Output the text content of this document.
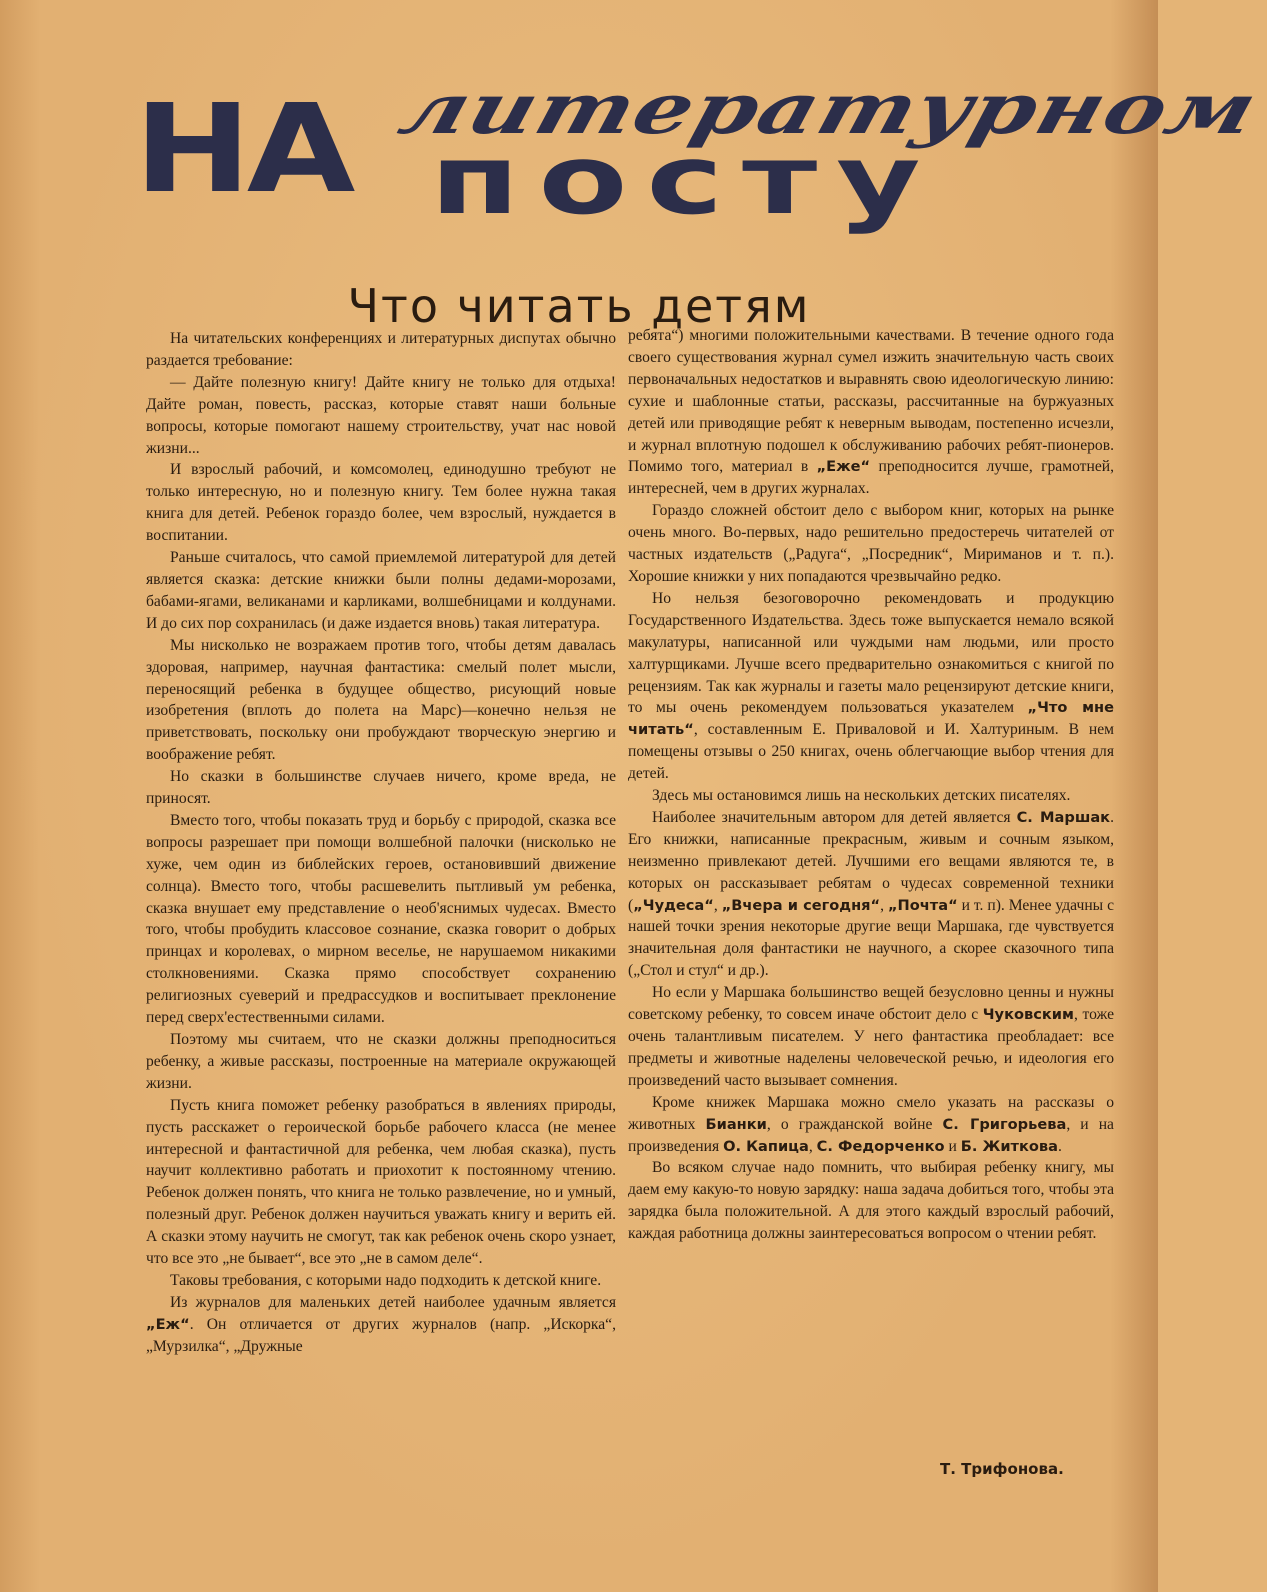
НА литературном
посту
Что читать детям

На читательских конференциях и литературных диспутах обычно раздается требование:

— Дайте полезную книгу! Дайте книгу не только для отдыха! Дайте роман, повесть, рассказ, которые ставят наши больные вопросы, которые помогают нашему строительству, учат нас новой жизни...

И взрослый рабочий, и комсомолец, единодушно требуют не только интересную, но и полезную книгу. Тем более нужна такая книга для детей. Ребенок гораздо более, чем взрослый, нуждается в воспитании.

Раньше считалось, что самой приемлемой литературой для детей является сказка: детские книжки были полны дедами-морозами, бабами-ягами, великанами и карликами, волшебницами и колдунами. И до сих пор сохранилась (и даже издается вновь) такая литература.

Мы нисколько не возражаем против того, чтобы детям давалась здоровая, например, научная фантастика: смелый полет мысли, переносящий ребенка в будущее общество, рисующий новые изобретения (вплоть до полета на Марс)—конечно нельзя не приветствовать, поскольку они пробуждают творческую энергию и воображение ребят.

Но сказки в большинстве случаев ничего, кроме вреда, не приносят.

Вместо того, чтобы показать труд и борьбу с природой, сказка все вопросы разрешает при помощи волшебной палочки (нисколько не хуже, чем один из библейских героев, остановивший движение солнца). Вместо того, чтобы расшевелить пытливый ум ребенка, сказка внушает ему представление о необ'яснимых чудесах. Вместо того, чтобы пробудить классовое сознание, сказка говорит о добрых принцах и королевах, о мирном веселье, не нарушаемом никакими столкновениями. Сказка прямо способствует сохранению религиозных суеверий и предрассудков и воспитывает преклонение перед сверх'естественными силами.

Поэтому мы считаем, что не сказки должны преподноситься ребенку, а живые рассказы, построенные на материале окружающей жизни.

Пусть книга поможет ребенку разобраться в явлениях природы, пусть расскажет о героической борьбе рабочего класса (не менее интересной и фантастичной для ребенка, чем любая сказка), пусть научит коллективно работать и приохотит к постоянному чтению. Ребенок должен понять, что книга не только развлечение, но и умный, полезный друг. Ребенок должен научиться уважать книгу и верить ей. А сказки этому научить не смогут, так как ребенок очень скоро узнает, что все это „не бывает“, все это „не в самом деле“.

Таковы требования, с которыми надо подходить к детской книге.

Из журналов для маленьких детей наиболее удачным является „Еж“. Он отличается от других журналов (напр. „Искорка“, „Мурзилка“, „Дружные

ребята“) многими положительными качествами. В течение одного года своего существования журнал сумел изжить значительную часть своих первоначальных недостатков и выравнять свою идеологическую линию: сухие и шаблонные статьи, рассказы, рассчитанные на буржуазных детей или приводящие ребят к неверным выводам, постепенно исчезли, и журнал вплотную подошел к обслуживанию рабочих ребят-пионеров. Помимо того, материал в „Еже“ преподносится лучше, грамотней, интересней, чем в других журналах.

Гораздо сложней обстоит дело с выбором книг, которых на рынке очень много. Во-первых, надо решительно предостеречь читателей от частных издательств („Радуга“, „Посредник“, Мириманов и т. п.). Хорошие книжки у них попадаются чрезвычайно редко.

Но нельзя безоговорочно рекомендовать и продукцию Государственного Издательства. Здесь тоже выпускается немало всякой макулатуры, написанной или чуждыми нам людьми, или просто халтурщиками. Лучше всего предварительно ознакомиться с книгой по рецензиям. Так как журналы и газеты мало рецензируют детские книги, то мы очень рекомендуем пользоваться указателем „Что мне читать“, составленным Е. Приваловой и И. Халтуриным. В нем помещены отзывы о 250 книгах, очень облегчающие выбор чтения для детей.

Здесь мы остановимся лишь на нескольких детских писателях.

Наиболее значительным автором для детей является С. Маршак. Его книжки, написанные прекрасным, живым и сочным языком, неизменно привлекают детей. Лучшими его вещами являются те, в которых он рассказывает ребятам о чудесах современной техники („Чудеса“, „Вчера и сегодня“, „Почта“ и т. п). Менее удачны с нашей точки зрения некоторые другие вещи Маршака, где чувствуется значительная доля фантастики не научного, а скорее сказочного типа („Стол и стул“ и др.).

Но если у Маршака большинство вещей безусловно ценны и нужны советскому ребенку, то совсем иначе обстоит дело с Чуковским, тоже очень талантливым писателем. У него фантастика преобладает: все предметы и животные наделены человеческой речью, и идеология его произведений часто вызывает сомнения.

Кроме книжек Маршака можно смело указать на рассказы о животных Бианки, о гражданской войне С. Григорьева, и на произведения О. Капица, С. Федорченко и Б. Житкова.

Во всяком случае надо помнить, что выбирая ребенку книгу, мы даем ему какую-то новую зарядку: наша задача добиться того, чтобы эта зарядка была положительной. А для этого каждый взрослый рабочий, каждая работница должны заинтересоваться вопросом о чтении ребят.

Т. Трифонова.
